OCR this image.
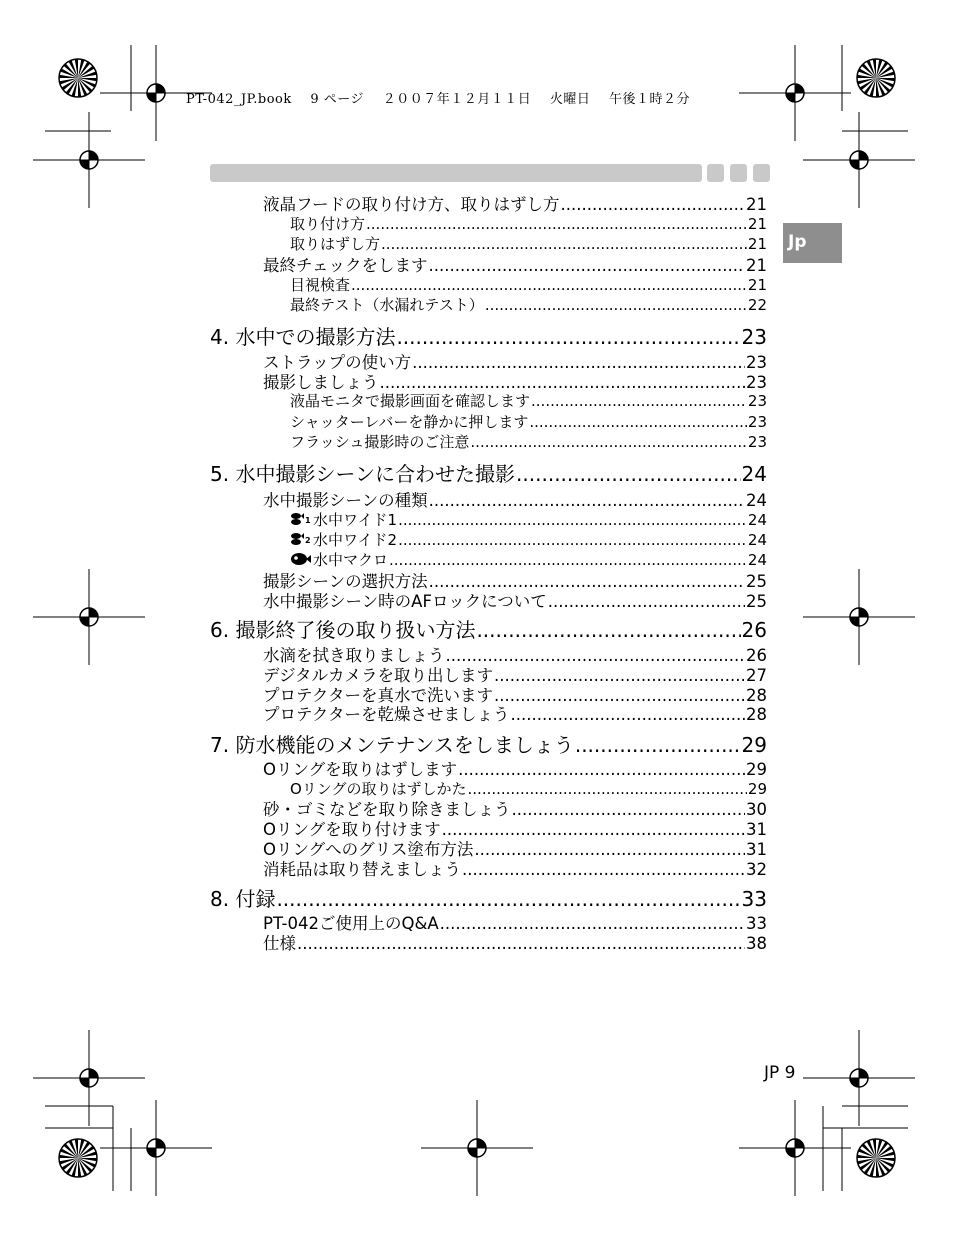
PT-042_JP.book 9 ページ ２００７年１２月１１日 火曜日 午後１時２分
Jp
液晶フードの取り付け方、取りはずし方 .....	21
取り付け方 .....	21
取りはずし方 .....	21
最終チェックをします .....	21
目視検査 .....	21
最終テスト（水漏れテスト） .....	22
4. 水中での撮影方法 .....	23
ストラップの使い方 .....	23
撮影しましょう .....	23
液晶モニタで撮影画面を確認します .....	23
シャッターレバーを静かに押します .....	23
フラッシュ撮影時のご注意 .....	23
5. 水中撮影シーンに合わせた撮影 .....	24
水中撮影シーンの種類 .....	24
1 水中ワイド1 .....	24
2 水中ワイド2 .....	24
水中マクロ .....	24
撮影シーンの選択方法 .....	25
水中撮影シーン時のAFロックについて .....	25
6. 撮影終了後の取り扱い方法 .....	26
水滴を拭き取りましょう .....	26
デジタルカメラを取り出します .....	27
プロテクターを真水で洗います .....	28
プロテクターを乾燥させましょう .....	28
7. 防水機能のメンテナンスをしましょう .....	29
Oリングを取りはずします .....	29
Oリングの取りはずしかた .....	29
砂・ゴミなどを取り除きましょう .....	30
Oリングを取り付けます .....	31
Oリングへのグリス塗布方法 .....	31
消耗品は取り替えましょう .....	32
8. 付録 .....	33
PT-042ご使用上のQ&A .....	33
仕様 .....	38
JP 9
